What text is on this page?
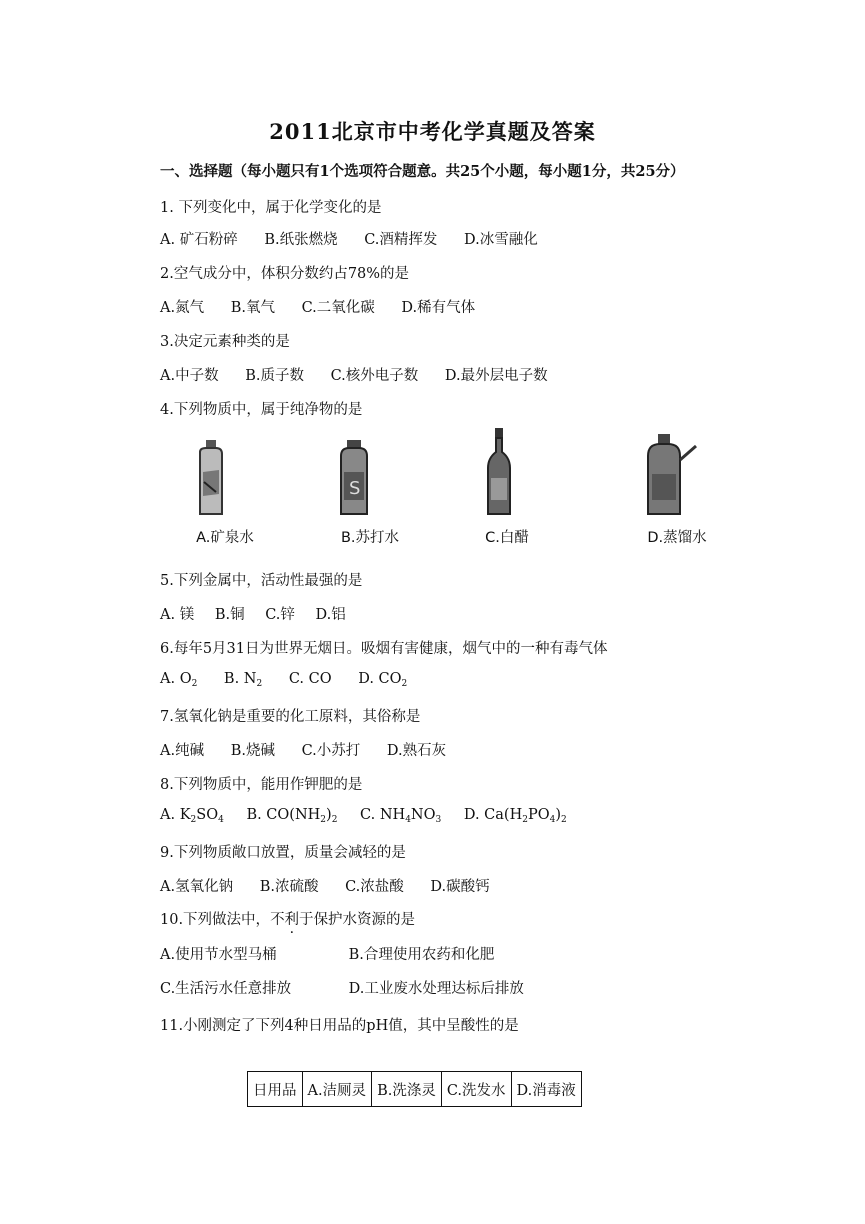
2011北京市中考化学真题及答案
一、选择题（每小题只有1个选项符合题意。共25个小题，每小题1分，共25分）
1. 下列变化中，属于化学变化的是
A. 矿石粉碎 B.纸张燃烧 C.酒精挥发 D.冰雪融化
2.空气成分中，体积分数约占78%的是
A.氮气 B.氧气 C.二氧化碳 D.稀有气体
3.决定元素种类的是
A.中子数 B.质子数 C.核外电子数 D.最外层电子数
4.下列物质中，属于纯净物的是
A.矿泉水
S
B.苏打水	C.白醋	D.蒸馏水
5.下列金属中，活动性最强的是
A. 镁 B.铜 C.锌 D.铝
6.每年5月31日为世界无烟日。吸烟有害健康，烟气中的一种有毒气体
A. $O_2$ B. $N_2$ C. CO D. $CO_2$
7.氢氧化钠是重要的化工原料，其俗称是
A.纯碱 B.烧碱 C.小苏打 D.熟石灰
8.下列物质中，能用作钾肥的是
A. $K_2SO_4$ B. $CO(NH_2)_2$ C. $NH_4NO_3$ D. $Ca(H_2PO_4)_2$
9.下列物质敞口放置，质量会减轻的是
A.氢氧化钠 B.浓硫酸 C.浓盐酸 D.碳酸钙
10.下列做法中，不利于保护水资源的是
A.使用节水型马桶	B.合理使用农药和化肥
C.生活污水任意排放	D.工业废水处理达标后排放
11.小刚测定了下列4种日用品的pH值，其中呈酸性的是
日用品	A.洁厕灵	B.洗涤灵	C.洗发水	D.消毒液
